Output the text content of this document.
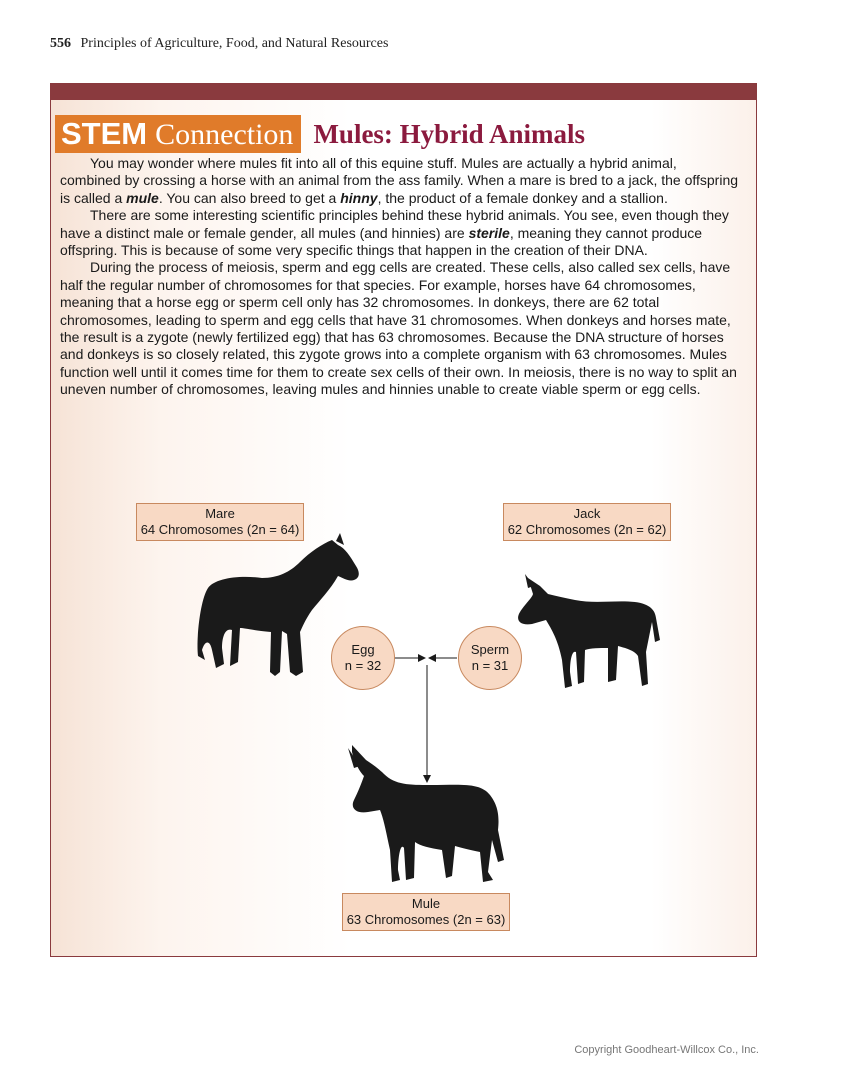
556 Principles of Agriculture, Food, and Natural Resources
STEM Connection Mules: Hybrid Animals

You may wonder where mules fit into all of this equine stuff. Mules are actually a hybrid animal, combined by crossing a horse with an animal from the ass family. When a mare is bred to a jack, the offspring is called a mule. You can also breed to get a hinny, the product of a female donkey and a stallion.

There are some interesting scientific principles behind these hybrid animals. You see, even though they have a distinct male or female gender, all mules (and hinnies) are sterile, meaning they cannot produce offspring. This is because of some very specific things that happen in the creation of their DNA.

During the process of meiosis, sperm and egg cells are created. These cells, also called sex cells, have half the regular number of chromosomes for that species. For example, horses have 64 chromosomes, meaning that a horse egg or sperm cell only has 32 chromosomes. In donkeys, there are 62 total chromosomes, leading to sperm and egg cells that have 31 chromosomes. When donkeys and horses mate, the result is a zygote (newly fertilized egg) that has 63 chromosomes. Because the DNA structure of horses and donkeys is so closely related, this zygote grows into a complete organism with 63 chromosomes. Mules function well until it comes time for them to create sex cells of their own. In meiosis, there is no way to split an uneven number of chromosomes, leaving mules and hinnies unable to create viable sperm or egg cells.

Mare
64 Chromosomes (2n = 64)
Jack
62 Chromosomes (2n = 62)
Egg
n = 32
Sperm
n = 31
Mule
63 Chromosomes (2n = 63)
Copyright Goodheart-Willcox Co., Inc.
